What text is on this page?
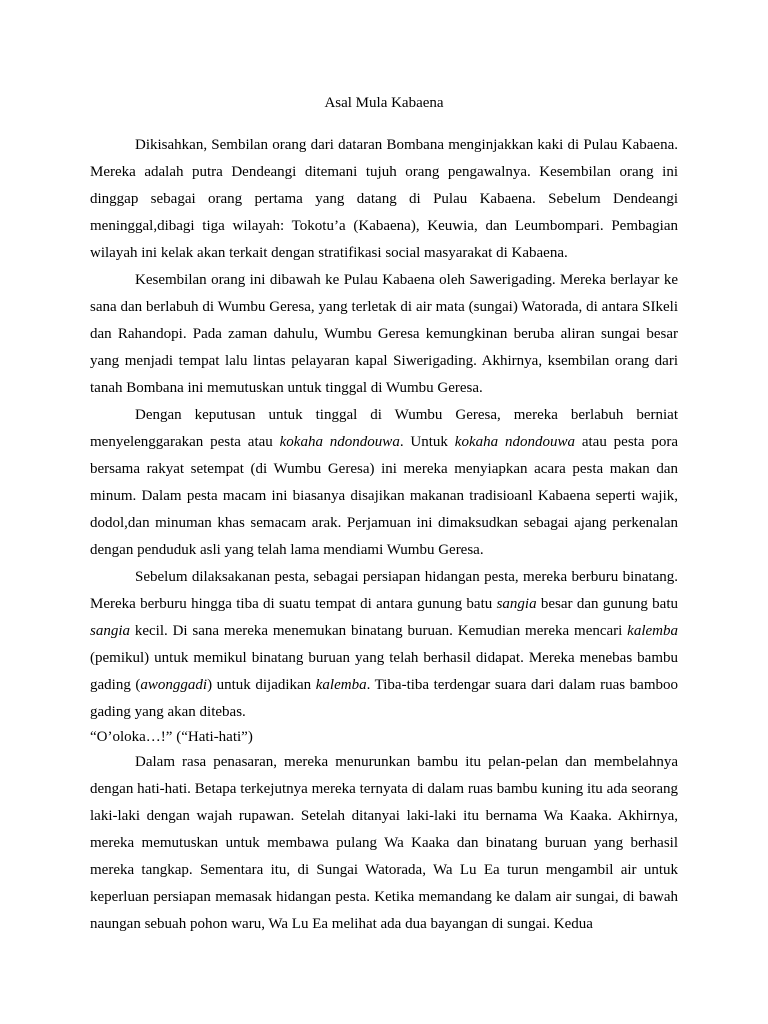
Asal Mula Kabaena

Dikisahkan, Sembilan orang dari dataran Bombana menginjakkan kaki di Pulau Kabaena. Mereka adalah putra Dendeangi ditemani tujuh orang pengawalnya. Kesembilan orang ini dinggap sebagai orang pertama yang datang di Pulau Kabaena. Sebelum Dendeangi meninggal,dibagi tiga wilayah: Tokotu’a (Kabaena), Keuwia, dan Leumbompari. Pembagian wilayah ini kelak akan terkait dengan stratifikasi social masyarakat di Kabaena.

Kesembilan orang ini dibawah ke Pulau Kabaena oleh Sawerigading. Mereka berlayar ke sana dan berlabuh di Wumbu Geresa, yang terletak di air mata (sungai) Watorada, di antara SIkeli dan Rahandopi. Pada zaman dahulu, Wumbu Geresa kemungkinan beruba aliran sungai besar yang menjadi tempat lalu lintas pelayaran kapal Siwerigading. Akhirnya, ksembilan orang dari tanah Bombana ini memutuskan untuk tinggal di Wumbu Geresa.

Dengan keputusan untuk tinggal di Wumbu Geresa, mereka berlabuh berniat menyelenggarakan pesta atau kokaha ndondouwa. Untuk kokaha ndondouwa atau pesta pora bersama rakyat setempat (di Wumbu Geresa) ini mereka menyiapkan acara pesta makan dan minum. Dalam pesta macam ini biasanya disajikan makanan tradisioanl Kabaena seperti wajik, dodol,dan minuman khas semacam arak. Perjamuan ini dimaksudkan sebagai ajang perkenalan dengan penduduk asli yang telah lama mendiami Wumbu Geresa.

Sebelum dilaksakanan pesta, sebagai persiapan hidangan pesta, mereka berburu binatang. Mereka berburu hingga tiba di suatu tempat di antara gunung batu sangia besar dan gunung batu sangia kecil. Di sana mereka menemukan binatang buruan. Kemudian mereka mencari kalemba (pemikul) untuk memikul binatang buruan yang telah berhasil didapat. Mereka menebas bambu gading (awonggadi) untuk dijadikan kalemba. Tiba-tiba terdengar suara dari dalam ruas bamboo gading yang akan ditebas.

“O’oloka…!” (“Hati-hati”)

Dalam rasa penasaran, mereka menurunkan bambu itu pelan-pelan dan membelahnya dengan hati-hati. Betapa terkejutnya mereka ternyata di dalam ruas bambu kuning itu ada seorang laki-laki dengan wajah rupawan. Setelah ditanyai laki-laki itu bernama Wa Kaaka. Akhirnya, mereka memutuskan untuk membawa pulang Wa Kaaka dan binatang buruan yang berhasil mereka tangkap. Sementara itu, di Sungai Watorada, Wa Lu Ea turun mengambil air untuk keperluan persiapan memasak hidangan pesta. Ketika memandang ke dalam air sungai, di bawah naungan sebuah pohon waru, Wa Lu Ea melihat ada dua bayangan di sungai. Kedua
